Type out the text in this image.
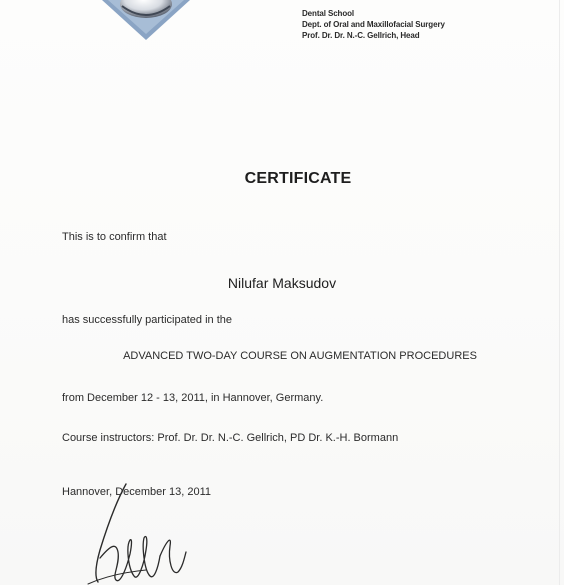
Dental School
Dept. of Oral and Maxillofacial Surgery
Prof. Dr. Dr. N.-C. Gellrich, Head
CERTIFICATE
This is to confirm that
Nilufar Maksudov
has successfully participated in the
ADVANCED TWO-DAY COURSE ON AUGMENTATION PROCEDURES
from December 12 - 13, 2011, in Hannover, Germany.
Course instructors: Prof. Dr. Dr. N.-C. Gellrich, PD Dr. K.-H. Bormann
Hannover, December 13, 2011
